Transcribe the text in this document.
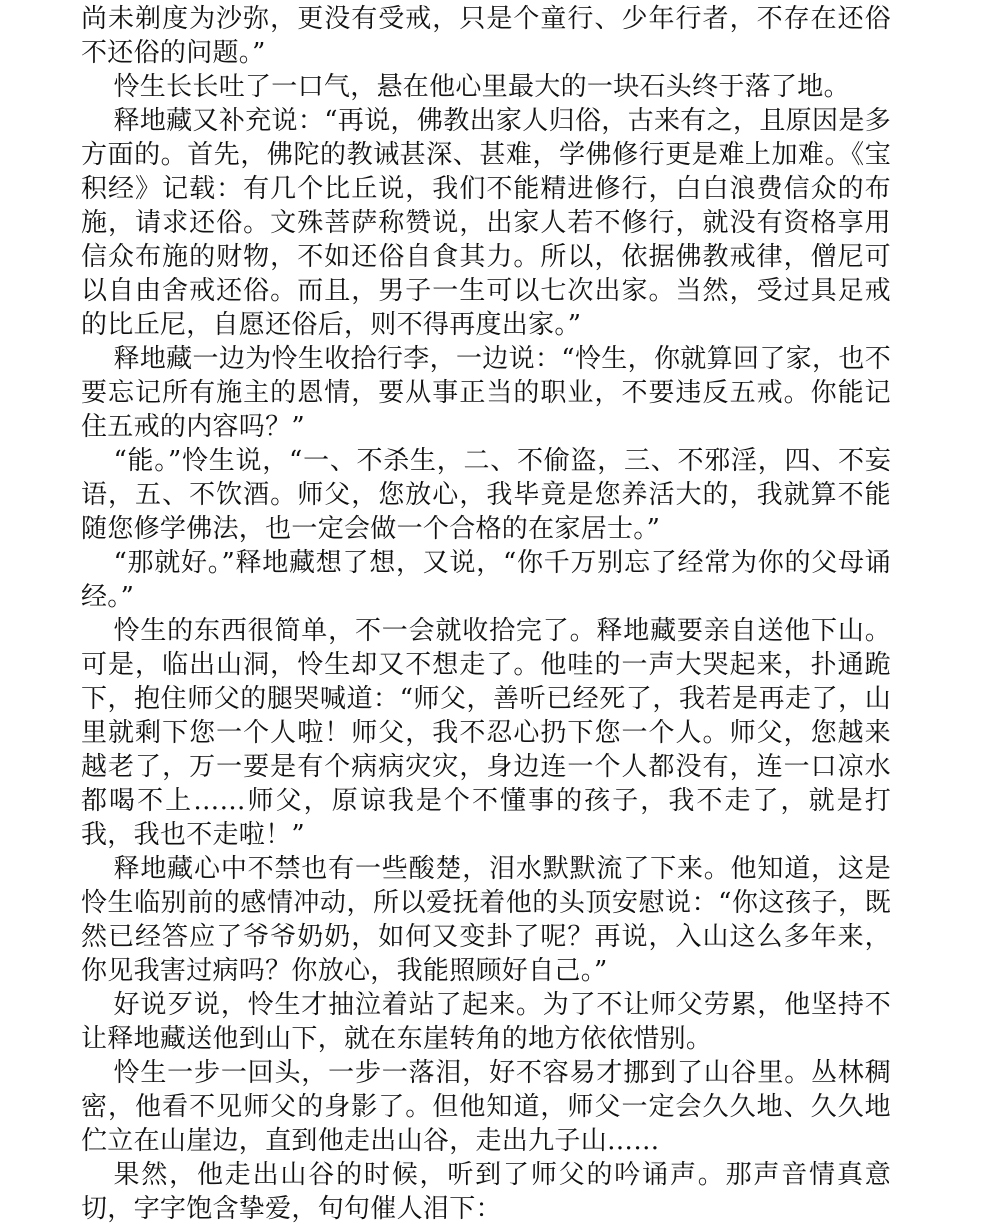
尚未剃度为沙弥，更没有受戒，只是个童行、少年行者，不存在还俗不还俗的问题。”

怜生长长吐了一口气，悬在他心里最大的一块石头终于落了地。

释地藏又补充说：“再说，佛教出家人归俗，古来有之，且原因是多方面的。首先，佛陀的教诫甚深、甚难，学佛修行更是难上加难。《宝积经》记载：有几个比丘说，我们不能精进修行，白白浪费信众的布施，请求还俗。文殊菩萨称赞说，出家人若不修行，就没有资格享用信众布施的财物，不如还俗自食其力。所以，依据佛教戒律，僧尼可以自由舍戒还俗。而且，男子一生可以七次出家。当然，受过具足戒的比丘尼，自愿还俗后，则不得再度出家。”

释地藏一边为怜生收拾行李，一边说：“怜生，你就算回了家，也不要忘记所有施主的恩情，要从事正当的职业，不要违反五戒。你能记住五戒的内容吗？”

“能。”怜生说，“一、不杀生，二、不偷盗，三、不邪淫，四、不妄语，五、不饮酒。师父，您放心，我毕竟是您养活大的，我就算不能随您修学佛法，也一定会做一个合格的在家居士。”

“那就好。”释地藏想了想，又说，“你千万别忘了经常为你的父母诵经。”

怜生的东西很简单，不一会就收拾完了。释地藏要亲自送他下山。可是，临出山洞，怜生却又不想走了。他哇的一声大哭起来，扑通跪下，抱住师父的腿哭喊道：“师父，善听已经死了，我若是再走了，山里就剩下您一个人啦！师父，我不忍心扔下您一个人。师父，您越来越老了，万一要是有个病病灾灾，身边连一个人都没有，连一口凉水都喝不上……师父，原谅我是个不懂事的孩子，我不走了，就是打我，我也不走啦！”

释地藏心中不禁也有一些酸楚，泪水默默流了下来。他知道，这是怜生临别前的感情冲动，所以爱抚着他的头顶安慰说：“你这孩子，既然已经答应了爷爷奶奶，如何又变卦了呢？再说，入山这么多年来，你见我害过病吗？你放心，我能照顾好自己。”

好说歹说，怜生才抽泣着站了起来。为了不让师父劳累，他坚持不让释地藏送他到山下，就在东崖转角的地方依依惜别。

怜生一步一回头，一步一落泪，好不容易才挪到了山谷里。丛林稠密，他看不见师父的身影了。但他知道，师父一定会久久地、久久地伫立在山崖边，直到他走出山谷，走出九子山……

果然，他走出山谷的时候，听到了师父的吟诵声。那声音情真意切，字字饱含挚爱，句句催人泪下：
